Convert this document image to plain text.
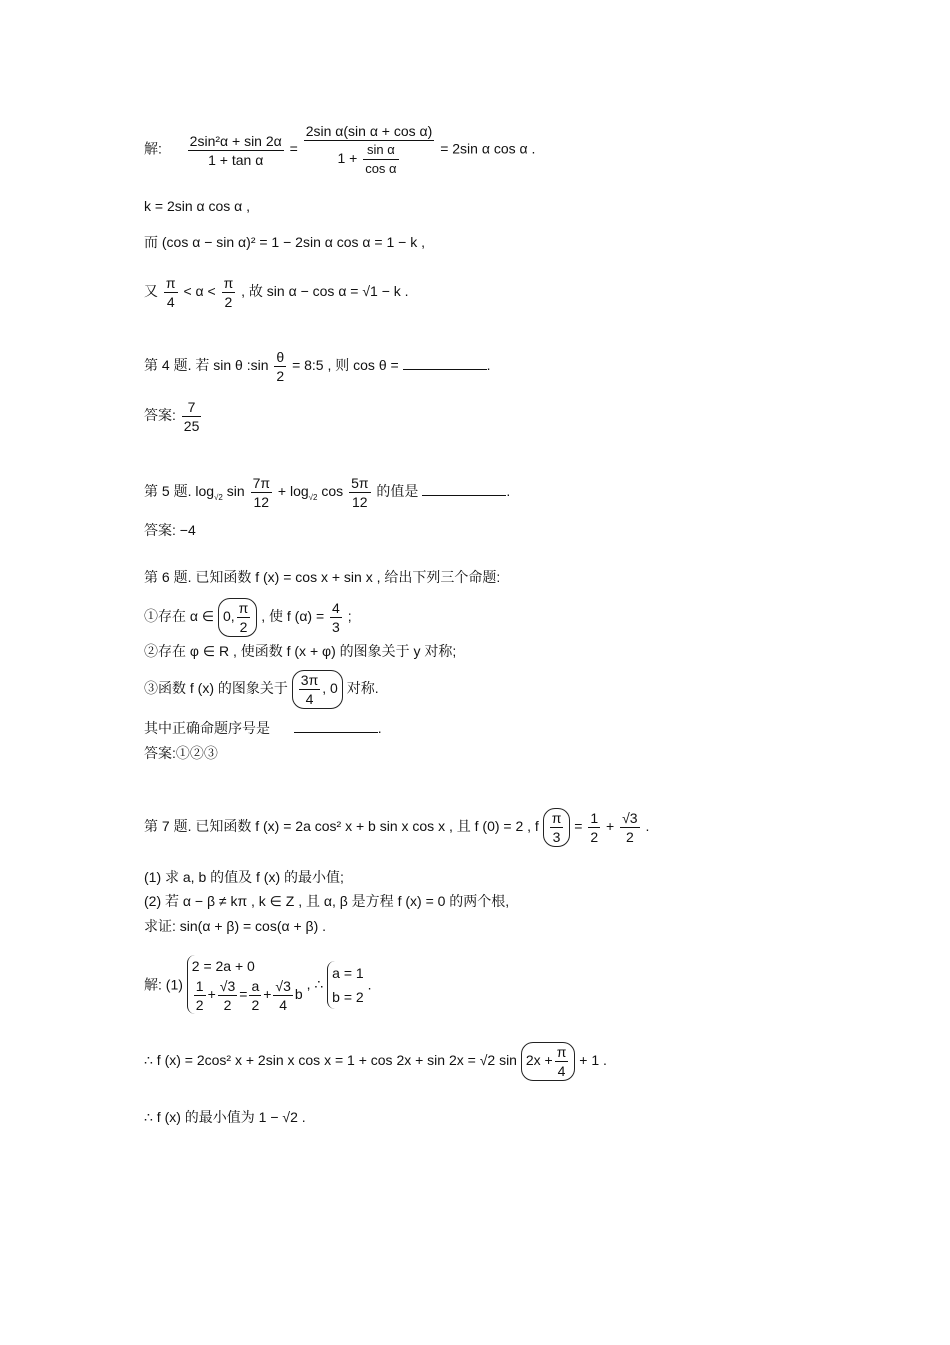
解: $\frac{\text{2sin²α + sin 2α}}{\text{1 + tan α}} = \frac{\text{2sin α(sin α + cos α)}}{1 + \frac{\text{sin α}}{\text{cos α}}} = 2\sin$ α cos α .
k = 2sin α cos α ,
而 (cos α − sin α)² = 1 − 2sin α cos α = 1 − k ,
又 $\frac{\pi}{4} < \alpha < \frac{\pi}{2}$ , 故 sin α − cos α = √1 − k .
第 4 题. 若 sin θ :sin $\frac{\theta}{2}$ = 8:5 , 则 cos θ =	.
答案: $\frac{7}{25}$
第 5 题. $\log_{√2} \sin \frac{7\pi}{12} + \log_{√2} \cos \frac{5\pi}{12}$ 的值是	.
答案: −4
第 6 题. 已知函数 f (x) = cos x + sin x , 给出下列三个命题:
①存在 α ∈ 0, $\frac{\pi}{2}$ , 使 f $(\alpha) = \frac{4}{3}$ ;
②存在 φ ∈ R , 使函数 f (x + φ) 的图象关于 y 对称;
③函数 f (x) 的图象关于 $\frac{3\pi}{4}$ , 0 对称.
其中正确命题序号是	.
答案:①②③
第 7 题. 已知函数 f (x) = 2a cos² x + b sin x cos x , 且 f (0) = 2 , f $\frac{\pi}{3} = \frac{1}{2} + \frac{√3}{2}$ .
(1) 求 a, b 的值及 f (x) 的最小值;
(2) 若 α − β ≠ kπ , k ∈ Z , 且 α, β 是方程 f (x) = 0 的两个根,
求证: sin(α + β) = cos(α + β) .
解: (1)
2 = 2a + 0
$\frac{1}{2} + \frac{√3}{2} = \frac{a}{2} + \frac{√3}{4}$ b
, ∴
a = 1
b = 2
.
∴ f (x) = 2cos² x + 2sin x cos x = 1 + cos 2x + sin 2x = √2 $\sin 2x + \frac{\pi}{4} + 1$ .
∴ f (x) 的最小值为 1 − √2 .
